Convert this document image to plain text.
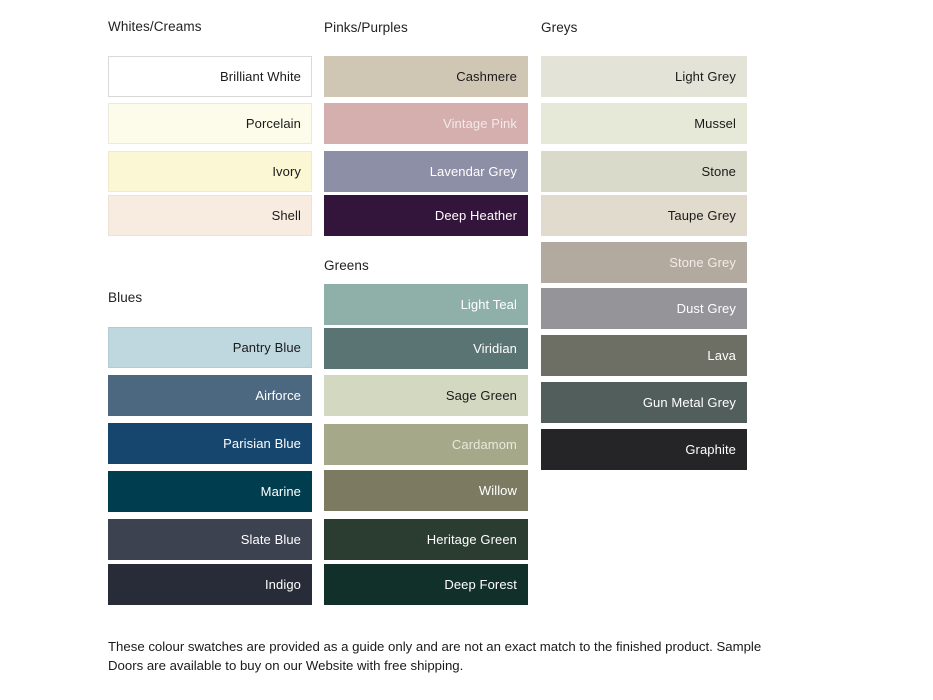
Whites/Creams
Brilliant White
Porcelain
Ivory
Shell
Blues
Pantry Blue
Airforce
Parisian Blue
Marine
Slate Blue
Indigo
Pinks/Purples
Cashmere
Vintage Pink
Lavendar Grey
Deep Heather
Greens
Light Teal
Viridian
Sage Green
Cardamom
Willow
Heritage Green
Deep Forest
Greys
Light Grey
Mussel
Stone
Taupe Grey
Stone Grey
Dust Grey
Lava
Gun Metal Grey
Graphite
These colour swatches are provided as a guide only and are not an exact match to the finished product. Sample Doors are available to buy on our Website with free shipping.
